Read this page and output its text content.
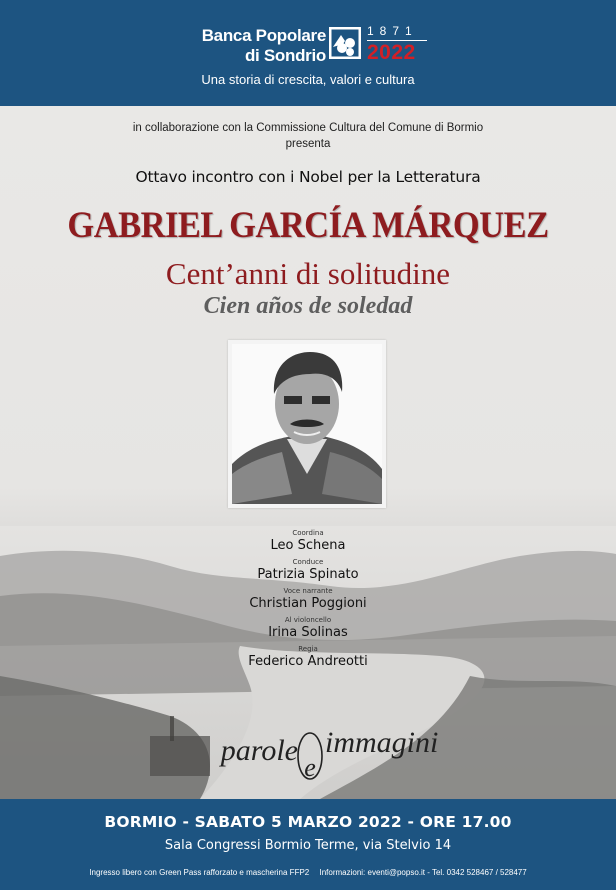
Banca Popolare
di Sondrio
1871
2022
Una storia di crescita, valori e cultura
in collaborazione con la Commissione Cultura del Comune di Bormio
presenta
Ottavo incontro con i Nobel per la Letteratura
GABRIEL GARCÍA MÁRQUEZ
Cent’anni di solitudine
Cien años de soledad
Coordina
Leo Schena
Conduce
Patrizia Spinato
Voce narrante
Christian Poggioni
Al violoncello
Irina Solinas
Regia
Federico Andreotti
parole
e
immagini
BORMIO - SABATO 5 MARZO 2022 - ORE 17.00
Sala Congressi Bormio Terme, via Stelvio 14
Ingresso libero con Green Pass rafforzato e mascherina FFP2 Informazioni: eventi@popso.it - Tel. 0342 528467 / 528477
